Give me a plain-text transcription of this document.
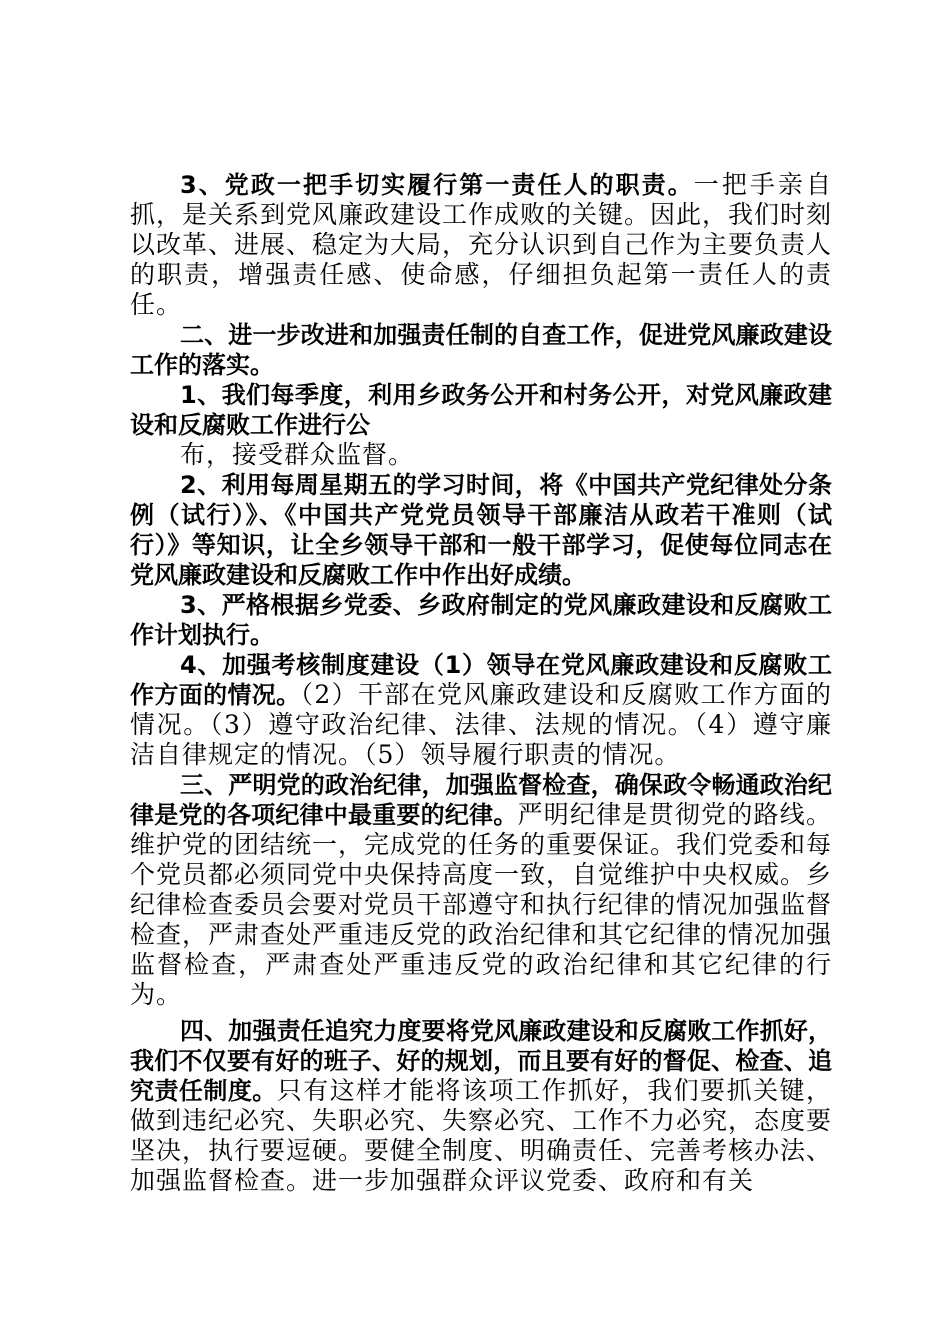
3、党政一把手切实履行第一责任人的职责。一把手亲自抓，是关系到党风廉政建设工作成败的关键。因此，我们时刻以改革、进展、稳定为大局，充分认识到自己作为主要负责人的职责，增强责任感、使命感，仔细担负起第一责任人的责任。

二、进一步改进和加强责任制的自查工作，促进党风廉政建设工作的落实。

1、我们每季度，利用乡政务公开和村务公开，对党风廉政建设和反腐败工作进行公

布，接受群众监督。

2、利用每周星期五的学习时间，将《中国共产党纪律处分条例（试行）》、《中国共产党党员领导干部廉洁从政若干准则（试行）》等知识，让全乡领导干部和一般干部学习，促使每位同志在党风廉政建设和反腐败工作中作出好成绩。

3、严格根据乡党委、乡政府制定的党风廉政建设和反腐败工作计划执行。

4、加强考核制度建设（1）领导在党风廉政建设和反腐败工作方面的情况。（2）干部在党风廉政建设和反腐败工作方面的情况。（3）遵守政治纪律、法律、法规的情况。（4）遵守廉洁自律规定的情况。（5）领导履行职责的情况。

三、严明党的政治纪律，加强监督检查，确保政令畅通政治纪律是党的各项纪律中最重要的纪律。严明纪律是贯彻党的路线。维护党的团结统一，完成党的任务的重要保证。我们党委和每个党员都必须同党中央保持高度一致，自觉维护中央权威。乡纪律检查委员会要对党员干部遵守和执行纪律的情况加强监督检查，严肃查处严重违反党的政治纪律和其它纪律的情况加强监督检查，严肃查处严重违反党的政治纪律和其它纪律的行为。

四、加强责任追究力度要将党风廉政建设和反腐败工作抓好，我们不仅要有好的班子、好的规划，而且要有好的督促、检查、追究责任制度。只有这样才能将该项工作抓好，我们要抓关键，做到违纪必究、失职必究、失察必究、工作不力必究，态度要坚决，执行要逗硬。要健全制度、明确责任、完善考核办法、加强监督检查。进一步加强群众评议党委、政府和有关
